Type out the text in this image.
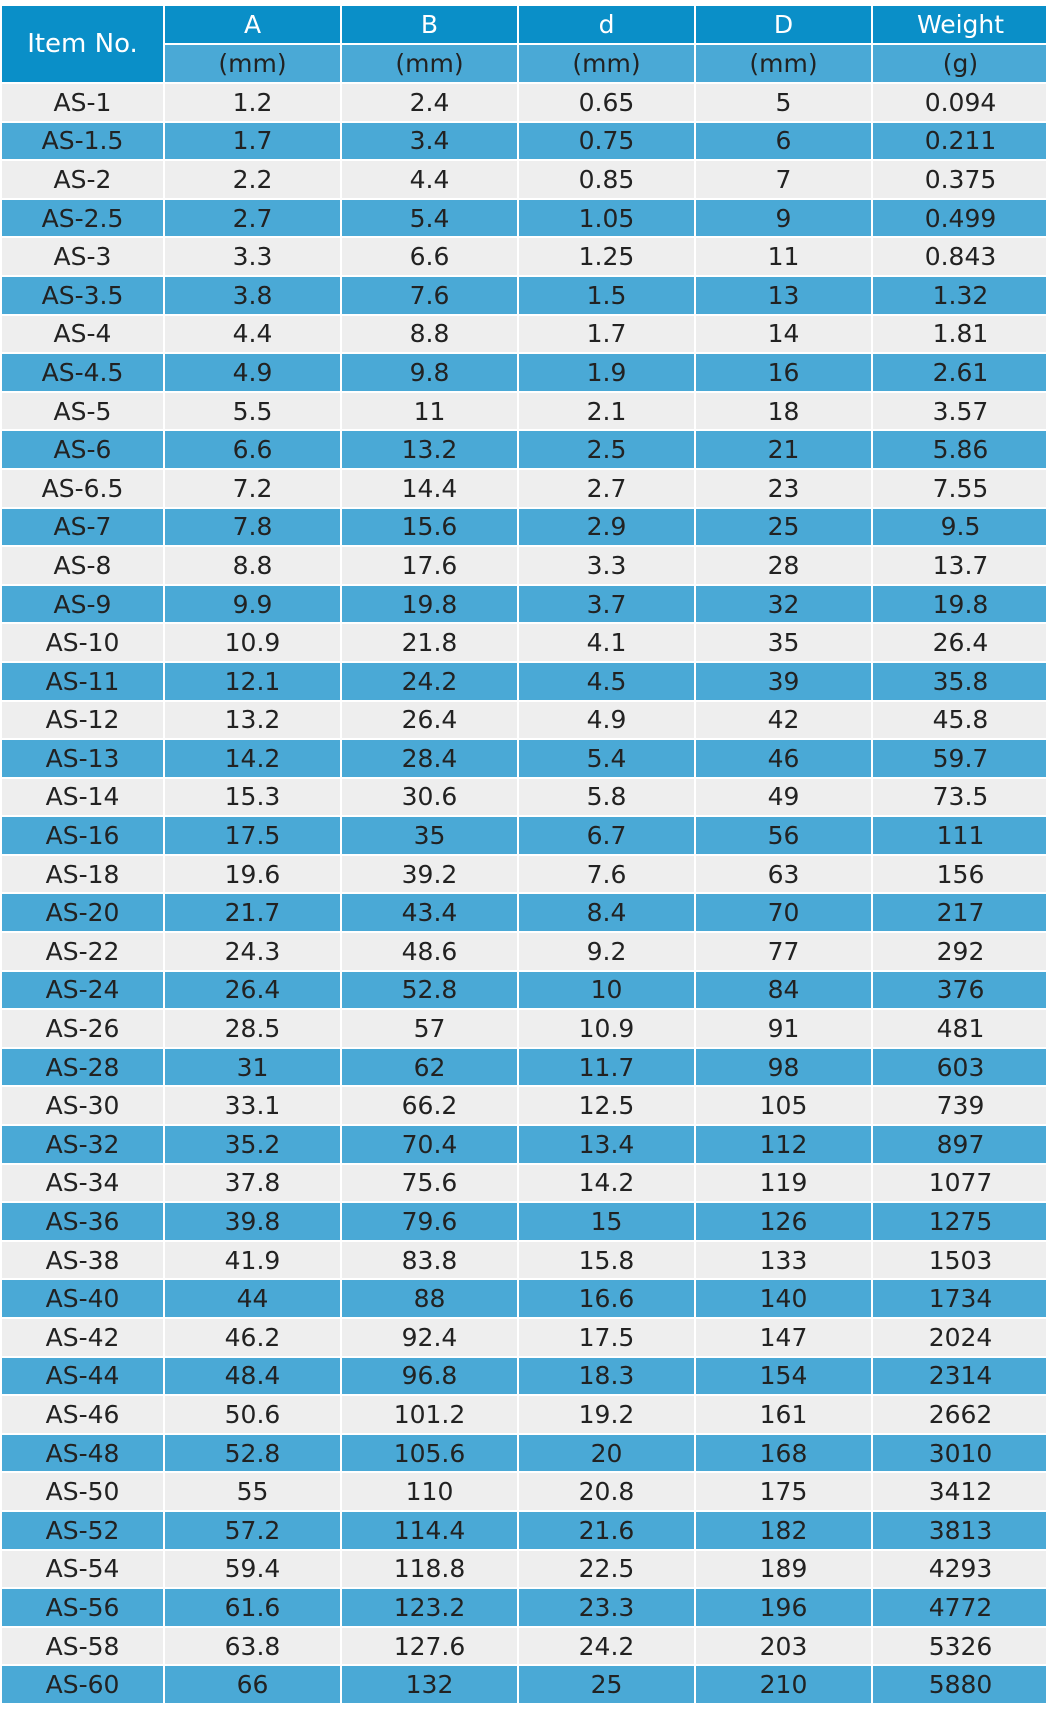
Item No.	A	B	d	D	Weight
	(mm)	(mm)	(mm)	(mm)	(g)
AS-1	1.2	2.4	0.65	5	0.094
AS-1.5	1.7	3.4	0.75	6	0.211
AS-2	2.2	4.4	0.85	7	0.375
AS-2.5	2.7	5.4	1.05	9	0.499
AS-3	3.3	6.6	1.25	11	0.843
AS-3.5	3.8	7.6	1.5	13	1.32
AS-4	4.4	8.8	1.7	14	1.81
AS-4.5	4.9	9.8	1.9	16	2.61
AS-5	5.5	11	2.1	18	3.57
AS-6	6.6	13.2	2.5	21	5.86
AS-6.5	7.2	14.4	2.7	23	7.55
AS-7	7.8	15.6	2.9	25	9.5
AS-8	8.8	17.6	3.3	28	13.7
AS-9	9.9	19.8	3.7	32	19.8
AS-10	10.9	21.8	4.1	35	26.4
AS-11	12.1	24.2	4.5	39	35.8
AS-12	13.2	26.4	4.9	42	45.8
AS-13	14.2	28.4	5.4	46	59.7
AS-14	15.3	30.6	5.8	49	73.5
AS-16	17.5	35	6.7	56	111
AS-18	19.6	39.2	7.6	63	156
AS-20	21.7	43.4	8.4	70	217
AS-22	24.3	48.6	9.2	77	292
AS-24	26.4	52.8	10	84	376
AS-26	28.5	57	10.9	91	481
AS-28	31	62	11.7	98	603
AS-30	33.1	66.2	12.5	105	739
AS-32	35.2	70.4	13.4	112	897
AS-34	37.8	75.6	14.2	119	1077
AS-36	39.8	79.6	15	126	1275
AS-38	41.9	83.8	15.8	133	1503
AS-40	44	88	16.6	140	1734
AS-42	46.2	92.4	17.5	147	2024
AS-44	48.4	96.8	18.3	154	2314
AS-46	50.6	101.2	19.2	161	2662
AS-48	52.8	105.6	20	168	3010
AS-50	55	110	20.8	175	3412
AS-52	57.2	114.4	21.6	182	3813
AS-54	59.4	118.8	22.5	189	4293
AS-56	61.6	123.2	23.3	196	4772
AS-58	63.8	127.6	24.2	203	5326
AS-60	66	132	25	210	5880
